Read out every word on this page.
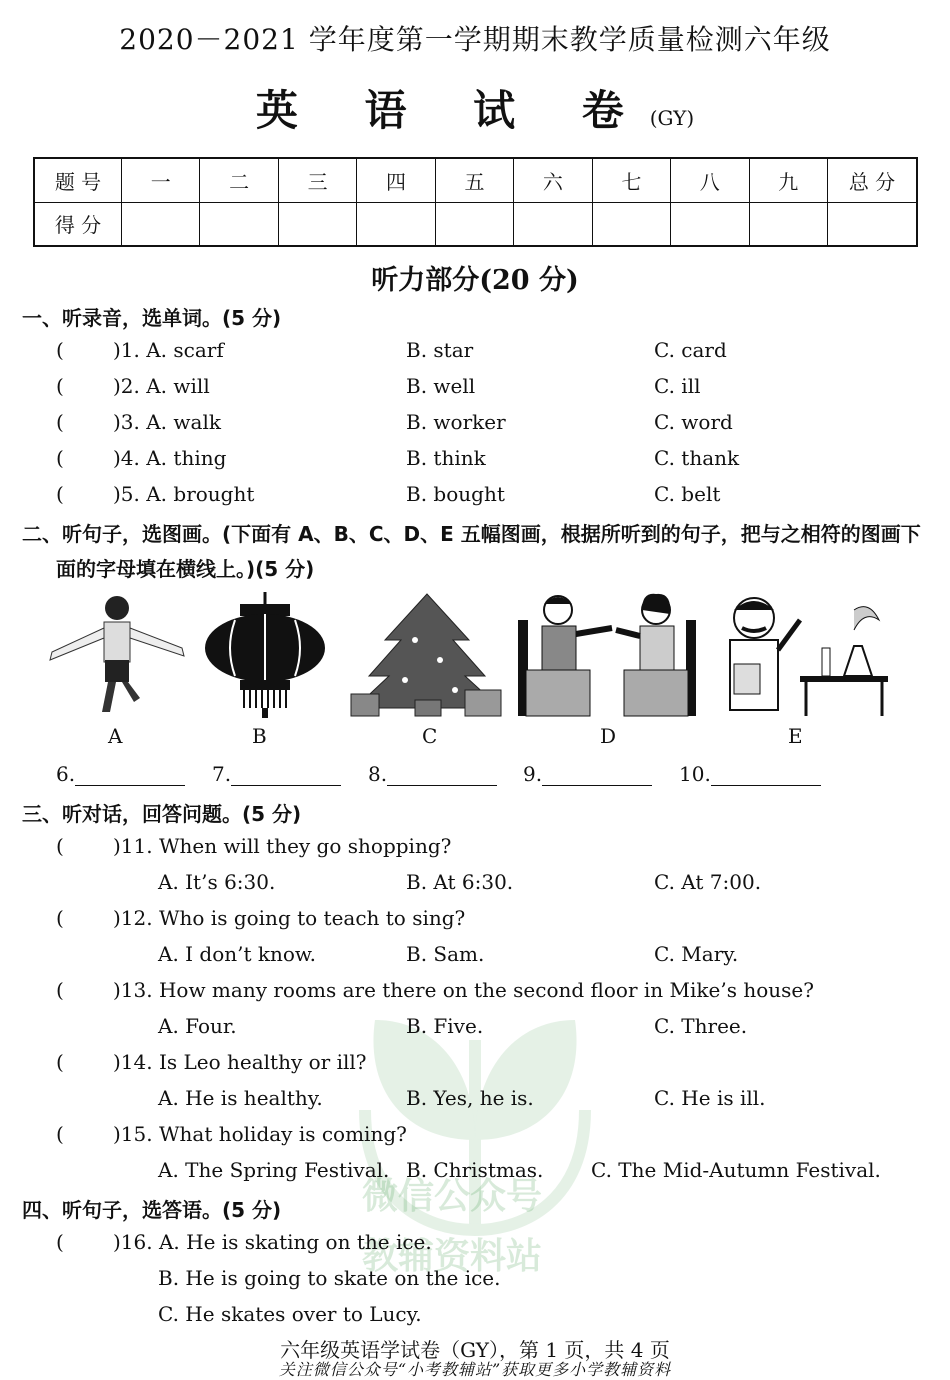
2020－2021 学年度第一学期期末教学质量检测六年级
英 语 试 卷(GY)
题 号	一	二	三	四	五	六	七	八	九	总 分
得 分										
听力部分(20 分)
微信公众号
教辅资料站
一、听录音，选单词。(5 分)
( )1. A. scarf	B. star	C. card
( )2. A. will	B. well	C. ill
( )3. A. walk	B. worker	C. word
( )4. A. thing	B. think	C. thank
( )5. A. brought	B. bought	C. belt
二、听句子，选图画。(下面有 A、B、C、D、E 五幅图画，根据所听到的句子，把与之相符的图画下
面的字母填在横线上。)(5 分)
A	B	C	D	E
6.	7.	8.	9.	10.
三、听对话，回答问题。(5 分)
( )11. When will they go shopping?
A. It’s 6:30.	B. At 6:30.	C. At 7:00.
( )12. Who is going to teach to sing?
A. I don’t know.	B. Sam.	C. Mary.
( )13. How many rooms are there on the second floor in Mike’s house?
A. Four.	B. Five.	C. Three.
( )14. Is Leo healthy or ill?
A. He is healthy.	B. Yes, he is.	C. He is ill.
( )15. What holiday is coming?
A. The Spring Festival. B. Christmas. C. The Mid-Autumn Festival.
四、听句子，选答语。(5 分)
( )16. A. He is skating on the ice.
B. He is going to skate on the ice.
C. He skates over to Lucy.
六年级英语学试卷（GY），第 1 页，共 4 页
关注微信公众号“小考教辅站”获取更多小学教辅资料
